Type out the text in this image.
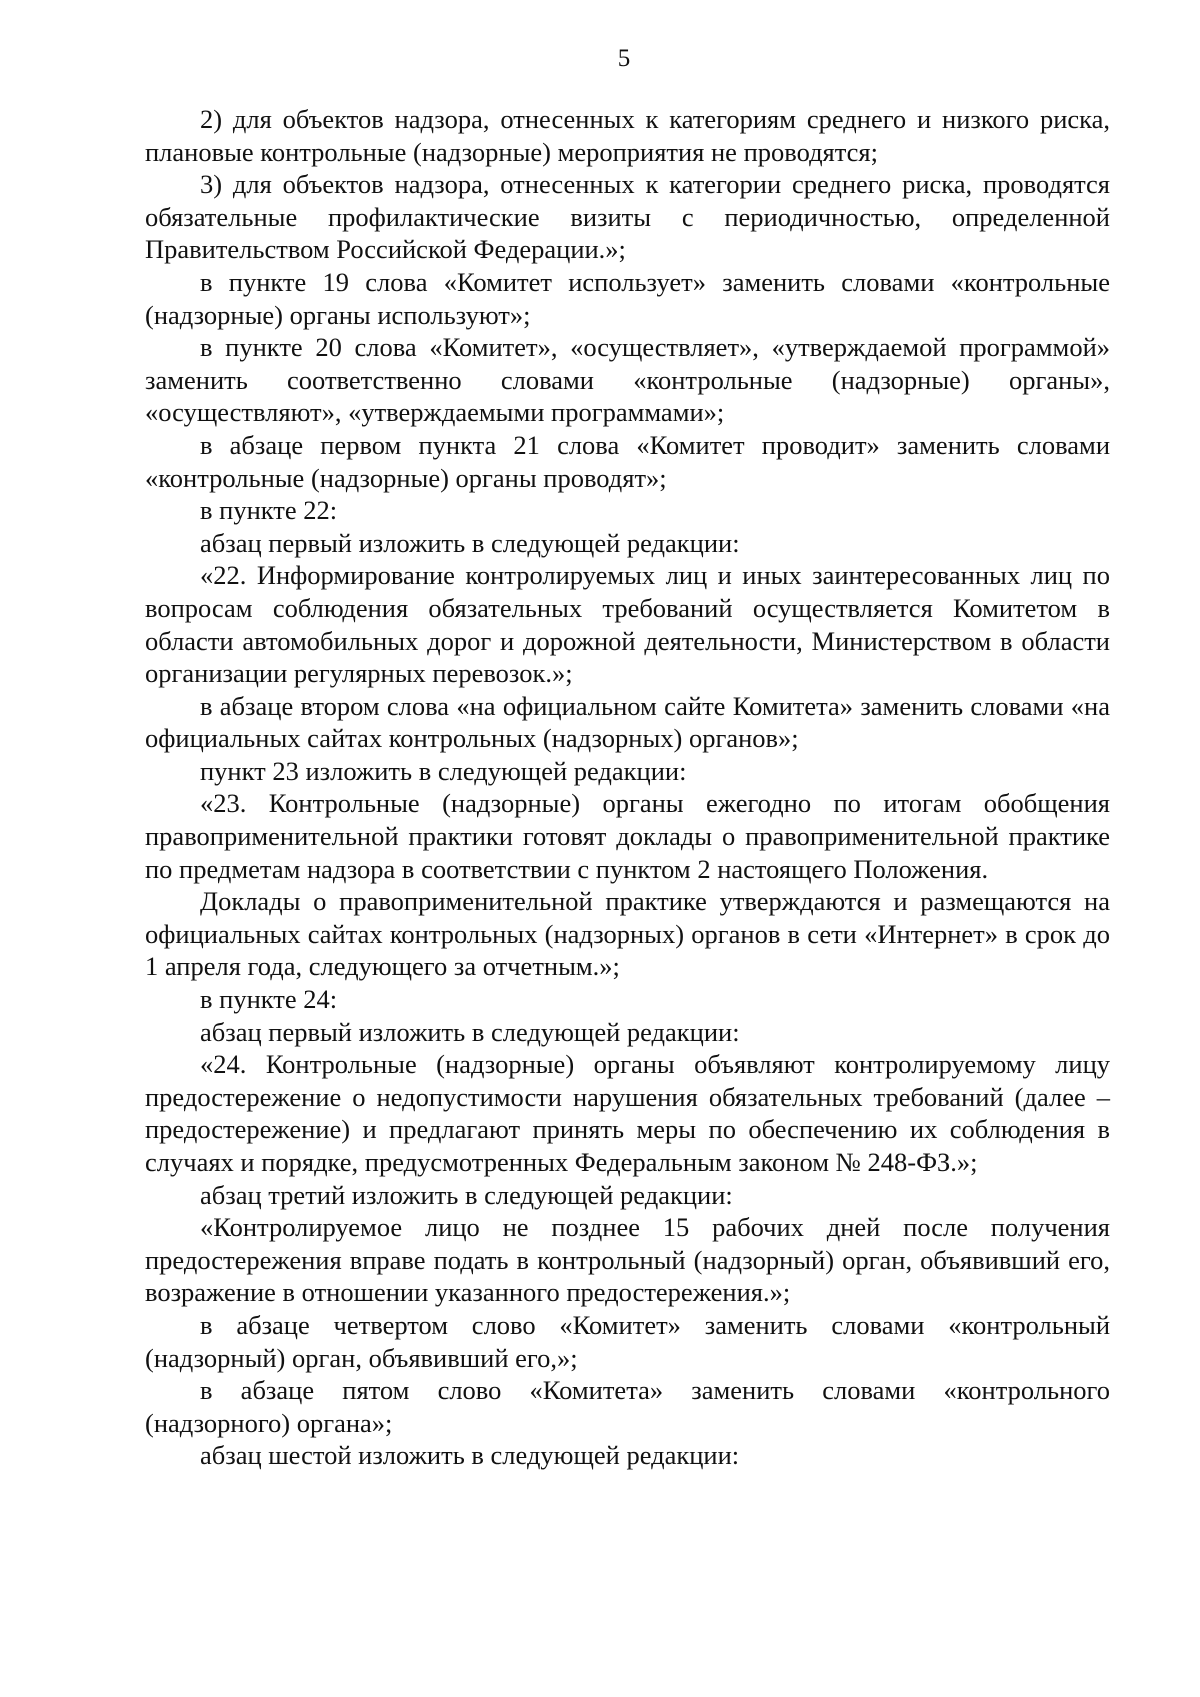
5

2) для объектов надзора, отнесенных к категориям среднего и низкого риска, плановые контрольные (надзорные) мероприятия не проводятся;

3) для объектов надзора, отнесенных к категории среднего риска, проводятся обязательные профилактические визиты с периодичностью, определенной Правительством Российской Федерации.»;

в пункте 19 слова «Комитет использует» заменить словами «контрольные (надзорные) органы используют»;

в пункте 20 слова «Комитет», «осуществляет», «утверждаемой программой» заменить соответственно словами «контрольные (надзорные) органы», «осуществляют», «утверждаемыми программами»;

в абзаце первом пункта 21 слова «Комитет проводит» заменить словами «контрольные (надзорные) органы проводят»;

в пункте 22:

абзац первый изложить в следующей редакции:

«22. Информирование контролируемых лиц и иных заинтересованных лиц по вопросам соблюдения обязательных требований осуществляется Комитетом в области автомобильных дорог и дорожной деятельности, Министерством в области организации регулярных перевозок.»;

в абзаце втором слова «на официальном сайте Комитета» заменить словами «на официальных сайтах контрольных (надзорных) органов»;

пункт 23 изложить в следующей редакции:

«23. Контрольные (надзорные) органы ежегодно по итогам обобщения правоприменительной практики готовят доклады о правоприменительной практике по предметам надзора в соответствии с пунктом 2 настоящего Положения.

Доклады о правоприменительной практике утверждаются и размещаются на официальных сайтах контрольных (надзорных) органов в сети «Интернет» в срок до 1 апреля года, следующего за отчетным.»;

в пункте 24:

абзац первый изложить в следующей редакции:

«24. Контрольные (надзорные) органы объявляют контролируемому лицу предостережение о недопустимости нарушения обязательных требований (далее – предостережение) и предлагают принять меры по обеспечению их соблюдения в случаях и порядке, предусмотренных Федеральным законом № 248-ФЗ.»;

абзац третий изложить в следующей редакции:

«Контролируемое лицо не позднее 15 рабочих дней после получения предостережения вправе подать в контрольный (надзорный) орган, объявивший его, возражение в отношении указанного предостережения.»;

в абзаце четвертом слово «Комитет» заменить словами «контрольный (надзорный) орган, объявивший его,»;

в абзаце пятом слово «Комитета» заменить словами «контрольного (надзорного) органа»;

абзац шестой изложить в следующей редакции:
